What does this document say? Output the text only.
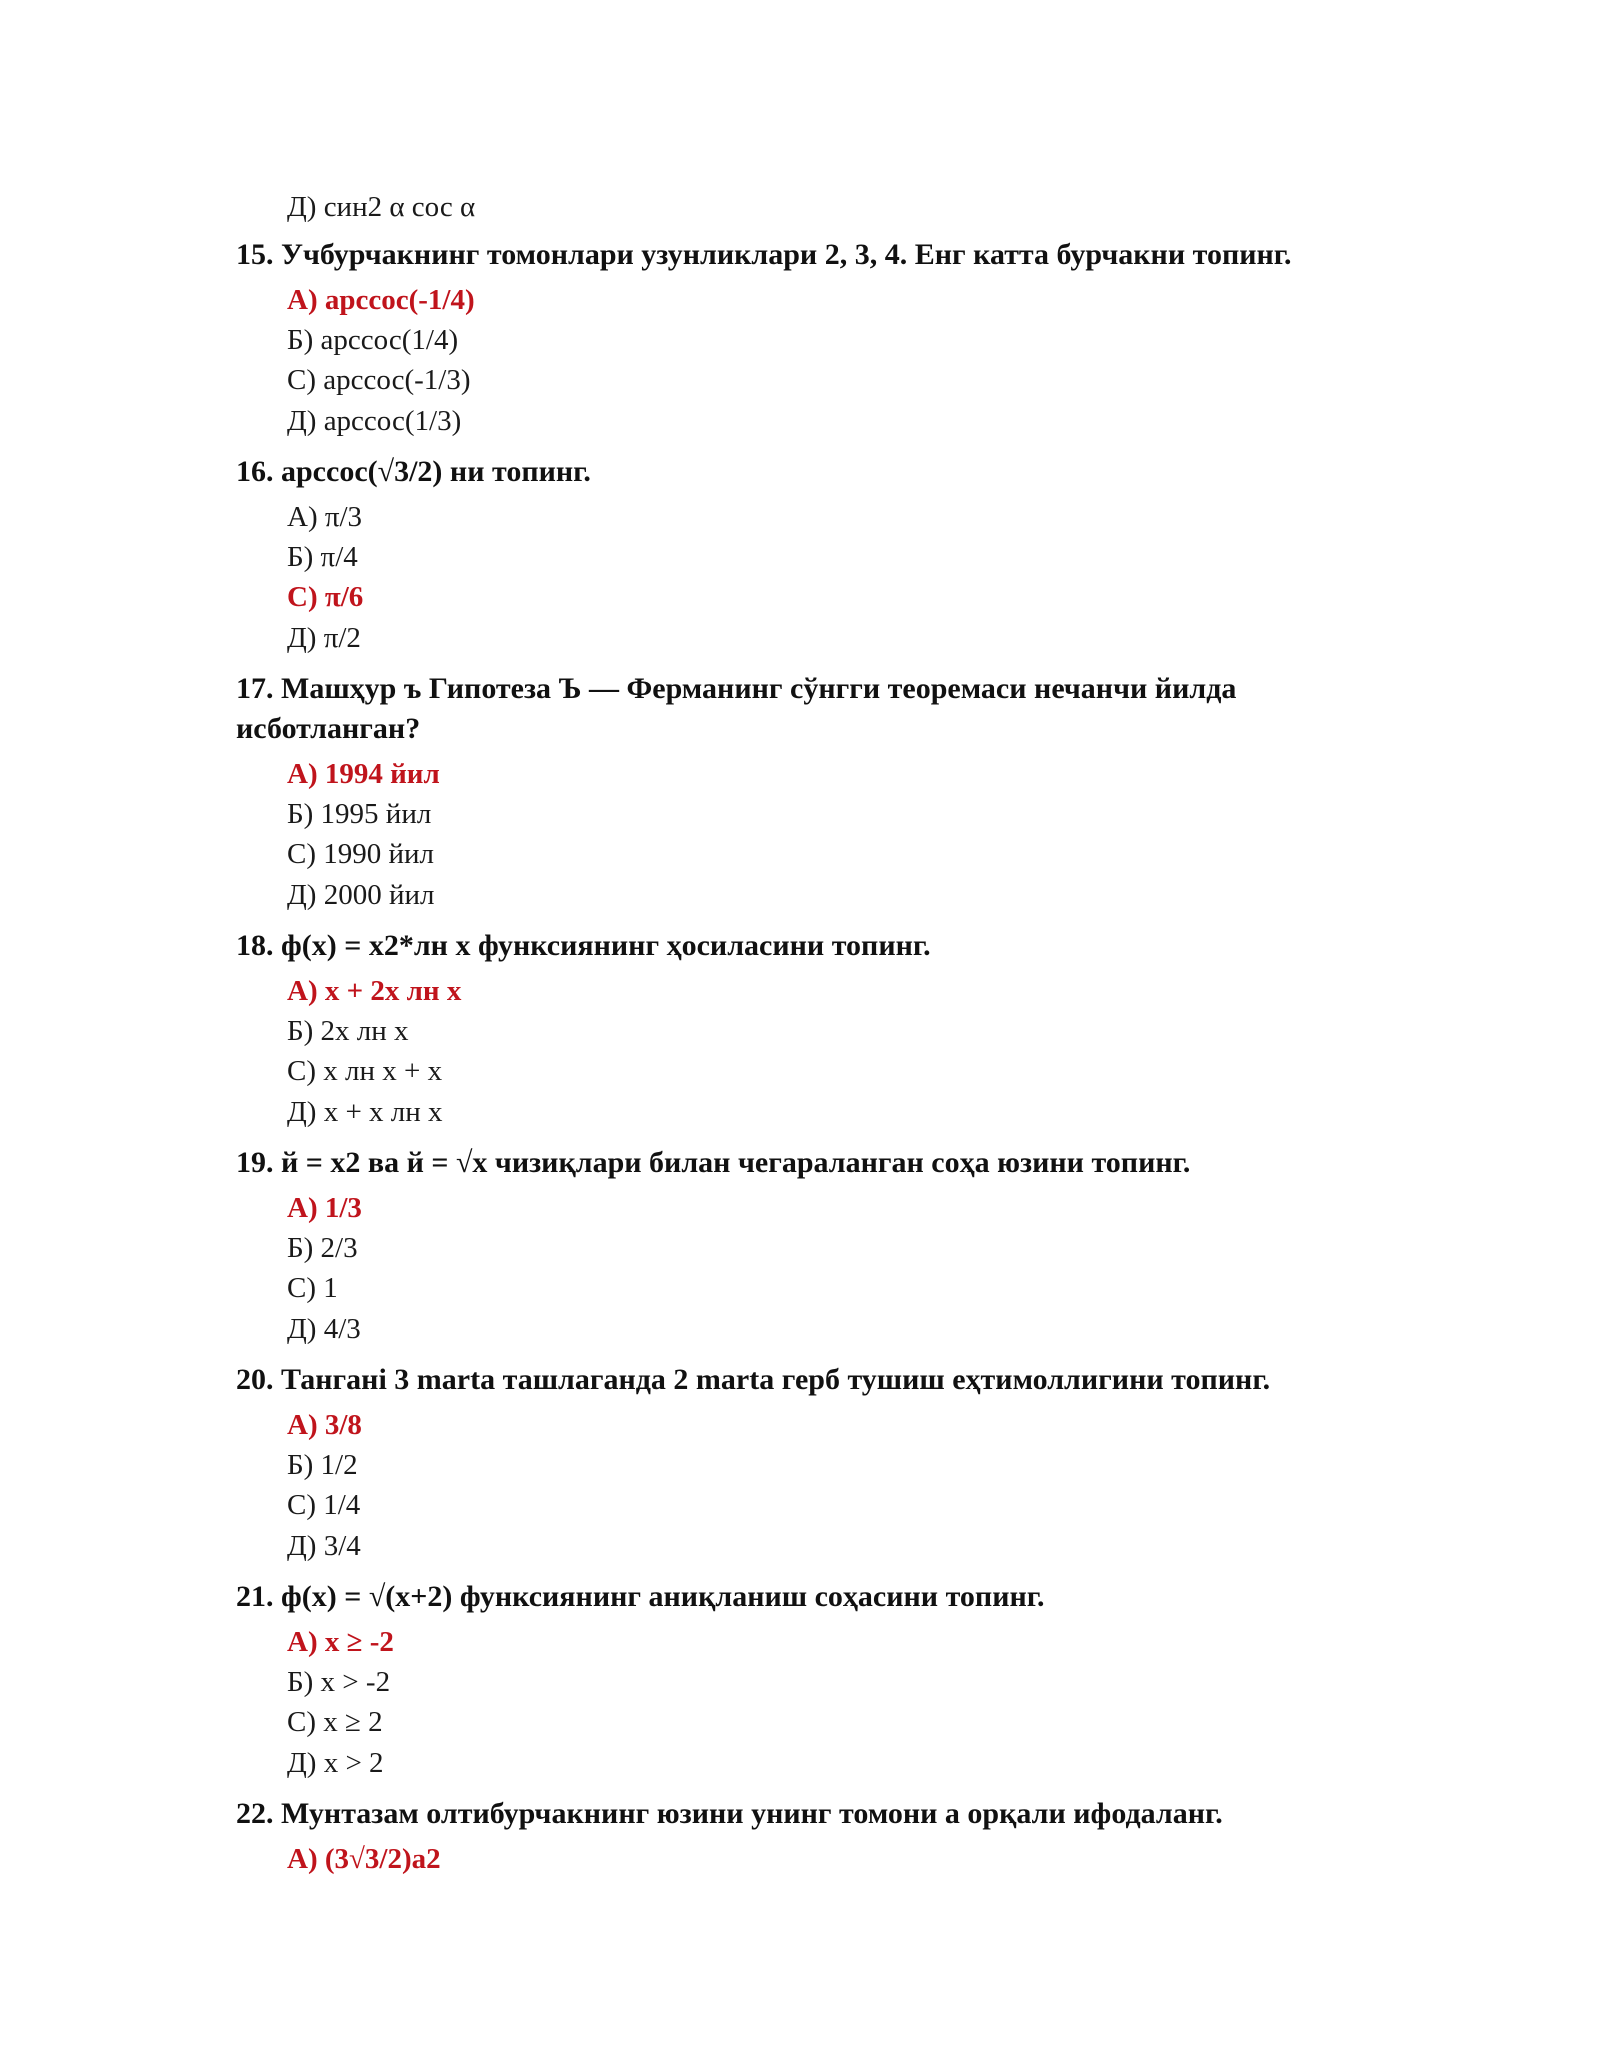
Д) син2 α сос α
15. Учбурчакнинг томонлари узунликлари 2, 3, 4. Енг катта бурчакни топинг.
А) арссос(-1/4)
Б) арссос(1/4)
С) арссос(-1/3)
Д) арссос(1/3)
16. арссос(√3/2) ни топинг.
А) π/3
Б) π/4
С) π/6
Д) π/2
17. Машҳур ъ Гипотеза Ъ — Ферманинг сўнгги теоремаси нечанчи йилда
исботланган?
А) 1994 йил
Б) 1995 йил
С) 1990 йил
Д) 2000 йил
18. ф(х) = х2*лн х функсиянинг ҳосиласини топинг.
А) х + 2х лн х
Б) 2х лн х
С) х лн х + х
Д) х + х лн х
19. й = х2 ва й = √х чизиқлари билан чегараланган соҳа юзини топинг.
А) 1/3
Б) 2/3
С) 1
Д) 4/3
20. Тангані 3 marta ташлаганда 2 marta герб тушиш еҳтимоллигини топинг.
А) 3/8
Б) 1/2
С) 1/4
Д) 3/4
21. ф(х) = √(х+2) функсиянинг аниқланиш соҳасини топинг.
А) х ≥ -2
Б) х > -2
С) х ≥ 2
Д) х > 2
22. Мунтазам олтибурчакнинг юзини унинг томони а орқали ифодаланг.
А) (3√3/2)а2
